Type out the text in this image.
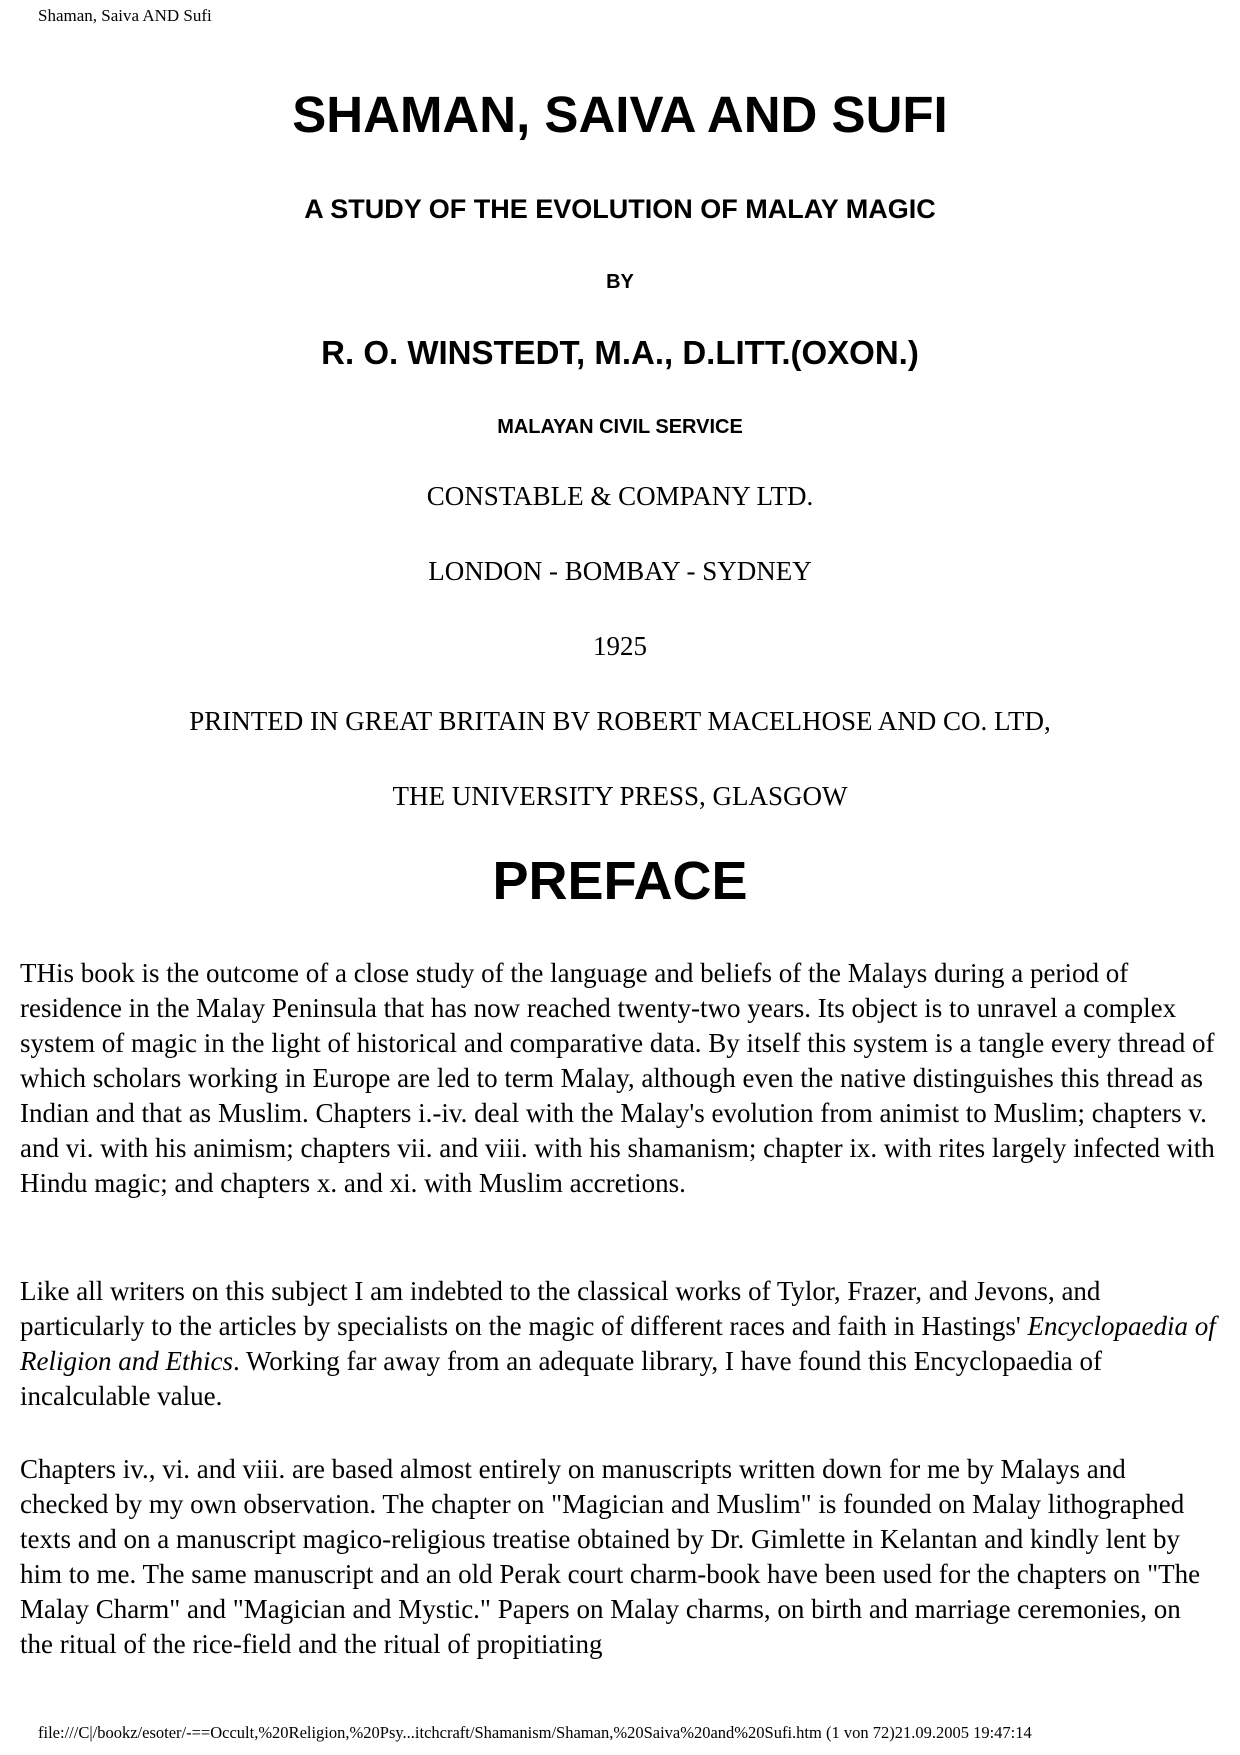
Shaman, Saiva AND Sufi
SHAMAN, SAIVA AND SUFI
A STUDY OF THE EVOLUTION OF MALAY MAGIC
BY
R. O. WINSTEDT, M.A., D.LITT.(OXON.)
MALAYAN CIVIL SERVICE
CONSTABLE & COMPANY LTD.
LONDON - BOMBAY - SYDNEY
1925
PRINTED IN GREAT BRITAIN BV ROBERT MACELHOSE AND CO. LTD,
THE UNIVERSITY PRESS, GLASGOW
PREFACE

THis book is the outcome of a close study of the language and beliefs of the Malays during a period of residence in the Malay Peninsula that has now reached twenty-two years. Its object is to unravel a complex system of magic in the light of historical and comparative data. By itself this system is a tangle every thread of which scholars working in Europe are led to term Malay, although even the native distinguishes this thread as Indian and that as Muslim. Chapters i.-iv. deal with the Malay's evolution from animist to Muslim; chapters v. and vi. with his animism; chapters vii. and viii. with his shamanism; chapter ix. with rites largely infected with Hindu magic; and chapters x. and xi. with Muslim accretions.

Like all writers on this subject I am indebted to the classical works of Tylor, Frazer, and Jevons, and particularly to the articles by specialists on the magic of different races and faith in Hastings' Encyclopaedia of Religion and Ethics. Working far away from an adequate library, I have found this Encyclopaedia of incalculable value.

Chapters iv., vi. and viii. are based almost entirely on manuscripts written down for me by Malays and checked by my own observation. The chapter on "Magician and Muslim" is founded on Malay lithographed texts and on a manuscript magico-religious treatise obtained by Dr. Gimlette in Kelantan and kindly lent by him to me. The same manuscript and an old Perak court charm-book have been used for the chapters on "The Malay Charm" and "Magician and Mystic." Papers on Malay charms, on birth and marriage ceremonies, on the ritual of the rice-field and the ritual of propitiating

file:///C|/bookz/esoter/-==Occult,%20Religion,%20Psy...itchcraft/Shamanism/Shaman,%20Saiva%20and%20Sufi.htm (1 von 72)21.09.2005 19:47:14
